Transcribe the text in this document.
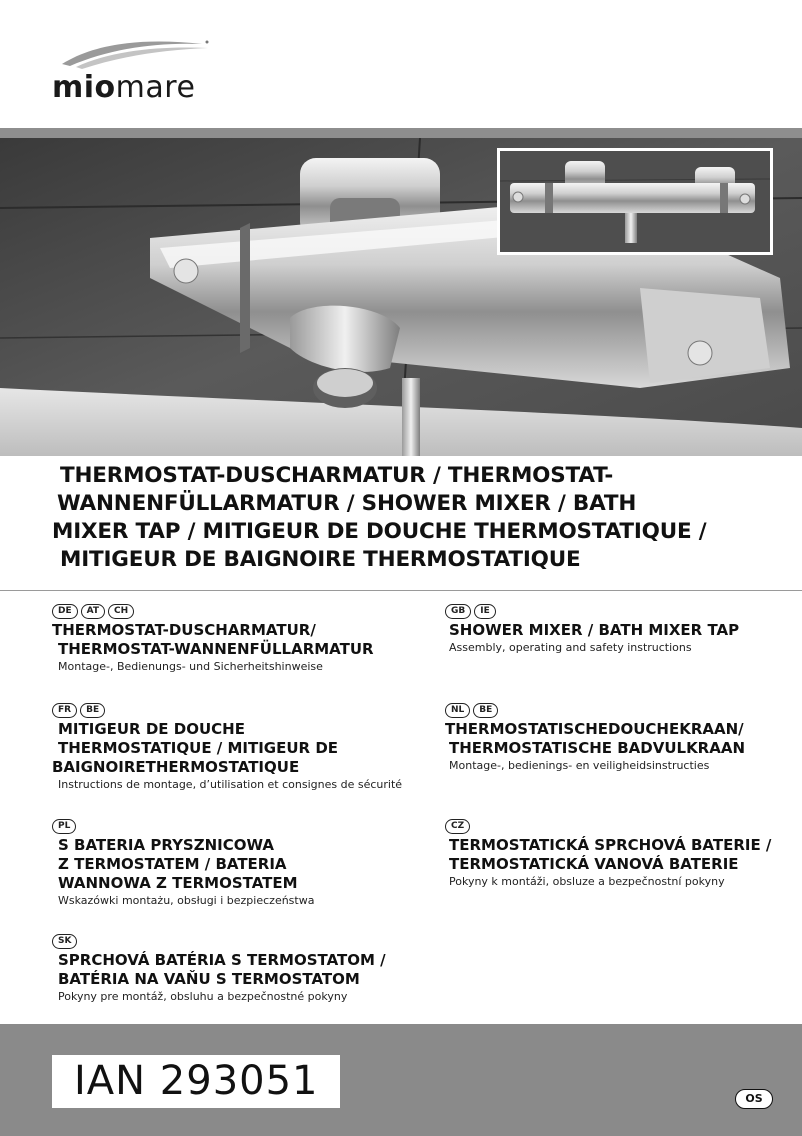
miomare
THERMOSTAT-DUSCHARMATUR / THERMOSTAT-
WANNENFÜLLARMATUR / SHOWER MIXER / BATH
MIXER TAP / MITIGEUR DE DOUCHE THERMOSTATIQUE /
MITIGEUR DE BAIGNOIRE THERMOSTATIQUE
DE	AT	CH
THERMOSTAT-DUSCHARMATUR/
THERMOSTAT-WANNENFÜLLARMATUR
Montage-, Bedienungs- und Sicherheitshinweise
GB	IE
SHOWER MIXER / BATH MIXER TAP
Assembly, operating and safety instructions
FR	BE
MITIGEUR DE DOUCHE
THERMOSTATIQUE / MITIGEUR DE
BAIGNOIRETHERMOSTATIQUE
Instructions de montage, d’utilisation et consignes de sécurité
NL	BE
THERMOSTATISCHEDOUCHEKRAAN/
THERMOSTATISCHE BADVULKRAAN
Montage-, bedienings- en veiligheidsinstructies
PL
S BATERIA PRYSZNICOWA
Z TERMOSTATEM / BATERIA
WANNOWA Z TERMOSTATEM
Wskazówki montażu, obsługi i bezpieczeństwa
CZ
TERMOSTATICKÁ SPRCHOVÁ BATERIE /
TERMOSTATICKÁ VANOVÁ BATERIE
Pokyny k montáži, obsluze a bezpečnostní pokyny
SK
SPRCHOVÁ BATÉRIA S TERMOSTATOM /
BATÉRIA NA VAŇU S TERMOSTATOM
Pokyny pre montáž, obsluhu a bezpečnostné pokyny
IAN 293051	OS
